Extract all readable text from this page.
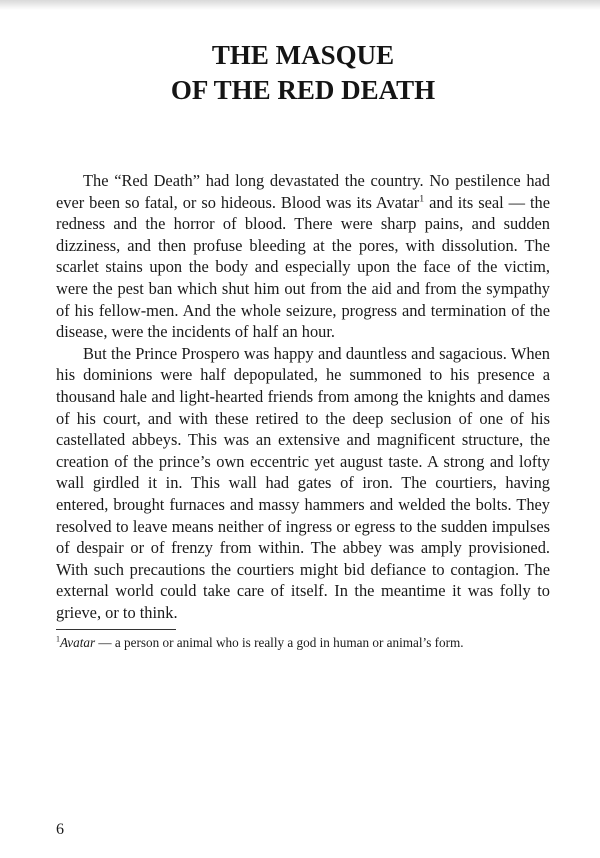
THE MASQUE
OF THE RED DEATH

The “Red Death” had long devastated the country. No pestilence had ever been so fatal, or so hideous. Blood was its Avatar$^1$ and its seal — the redness and the horror of blood. There were sharp pains, and sudden dizziness, and then profuse bleeding at the pores, with dissolution. The scarlet stains upon the body and especially upon the face of the victim, were the pest ban which shut him out from the aid and from the sympathy of his fellow-men. And the whole seizure, progress and termination of the disease, were the incidents of half an hour.

But the Prince Prospero was happy and dauntless and sagacious. When his dominions were half depopulated, he summoned to his presence a thousand hale and light-hearted friends from among the knights and dames of his court, and with these retired to the deep seclusion of one of his castellated abbeys. This was an extensive and magnificent structure, the creation of the prince’s own eccentric yet august taste. A strong and lofty wall girdled it in. This wall had gates of iron. The courtiers, having entered, brought furnaces and massy hammers and welded the bolts. They resolved to leave means neither of ingress or egress to the sudden impulses of despair or of frenzy from within. The abbey was amply provisioned. With such precautions the courtiers might bid defiance to contagion. The external world could take care of itself. In the meantime it was folly to grieve, or to think.

$^1$Avatar — a person or animal who is really a god in human or animal’s form.

6
